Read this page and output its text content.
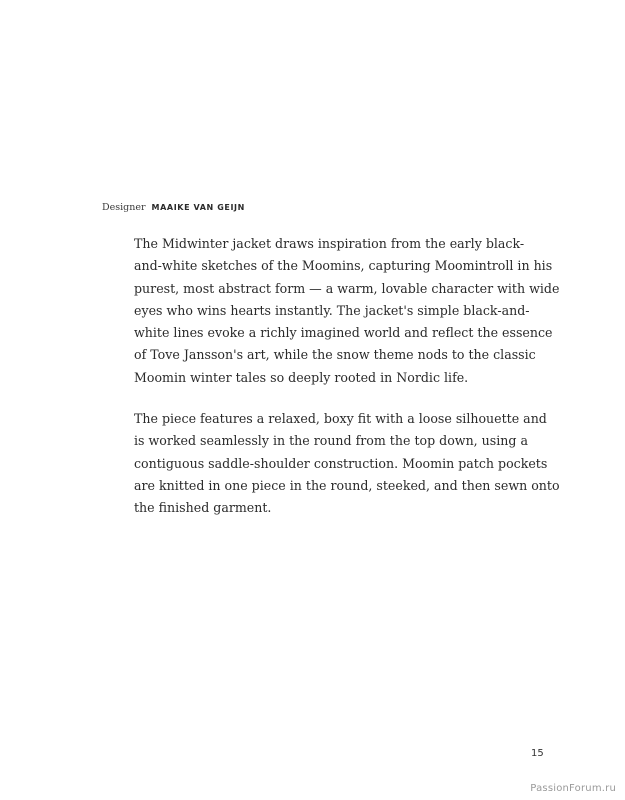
Designer MAAIKE VAN GEIJN

The Midwinter jacket draws inspiration from the early black-
and-white sketches of the Moomins, capturing Moomintroll in his
purest, most abstract form — a warm, lovable character with wide
eyes who wins hearts instantly. The jacket's simple black-and-
white lines evoke a richly imagined world and reflect the essence
of Tove Jansson's art, while the snow theme nods to the classic
Moomin winter tales so deeply rooted in Nordic life.

The piece features a relaxed, boxy fit with a loose silhouette and
is worked seamlessly in the round from the top down, using a
contiguous saddle-shoulder construction. Moomin patch pockets
are knitted in one piece in the round, steeked, and then sewn onto
the finished garment.

15
PassionForum.ru
